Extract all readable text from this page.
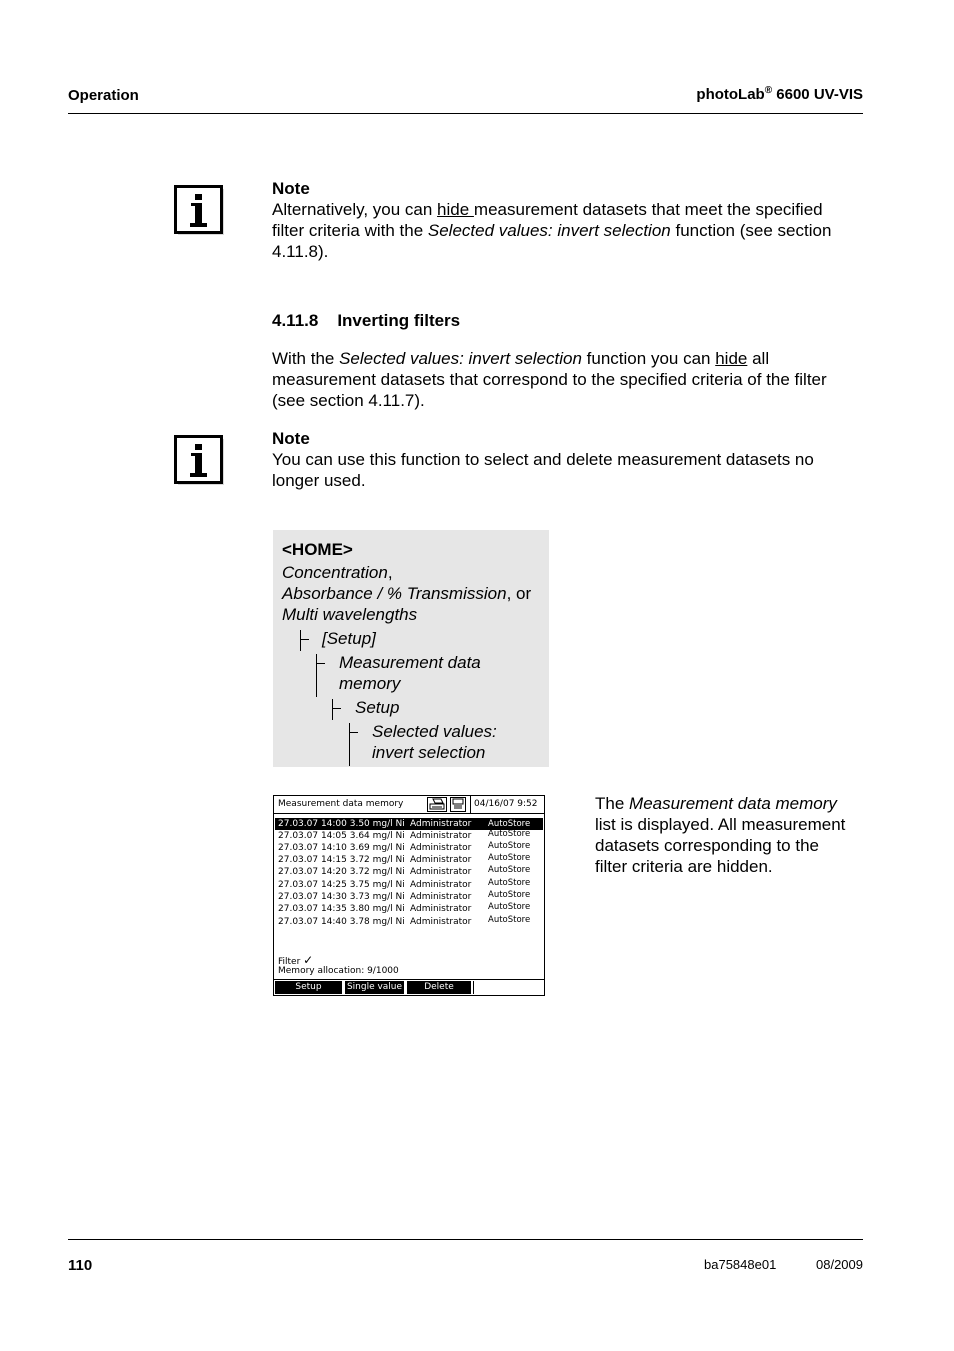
Operation	photoLab® 6600 UV-VIS
Note
Alternatively, you can hide measurement datasets that meet the specified
filter criteria with the Selected values: invert selection function (see section
4.11.8).
4.11.8 Inverting filters
With the Selected values: invert selection function you can hide all
measurement datasets that correspond to the specified criteria of the filter
(see section 4.11.7).
Note
You can use this function to select and delete measurement datasets no
longer used.
<HOME>
Concentration,
Absorbance / % Transmission, or
Multi wavelengths
[Setup]
Measurement data
memory
Setup
Selected values:
invert selection
Measurement data memory	04/16/07 9:52
27.03.07 14:00 3.50 mg/l Ni Administrator AutoStore
27.03.07 14:05 3.64 mg/l Ni Administrator AutoStore
27.03.07 14:10 3.69 mg/l Ni Administrator AutoStore
27.03.07 14:15 3.72 mg/l Ni Administrator AutoStore
27.03.07 14:20 3.72 mg/l Ni Administrator AutoStore
27.03.07 14:25 3.75 mg/l Ni Administrator AutoStore
27.03.07 14:30 3.73 mg/l Ni Administrator AutoStore
27.03.07 14:35 3.80 mg/l Ni Administrator AutoStore
27.03.07 14:40 3.78 mg/l Ni Administrator AutoStore
Filter ✓
Memory allocation: 9/1000
Setup	Single value	Delete
The Measurement data memory
list is displayed. All measurement
datasets corresponding to the
filter criteria are hidden.
110	ba75848e01	08/2009
